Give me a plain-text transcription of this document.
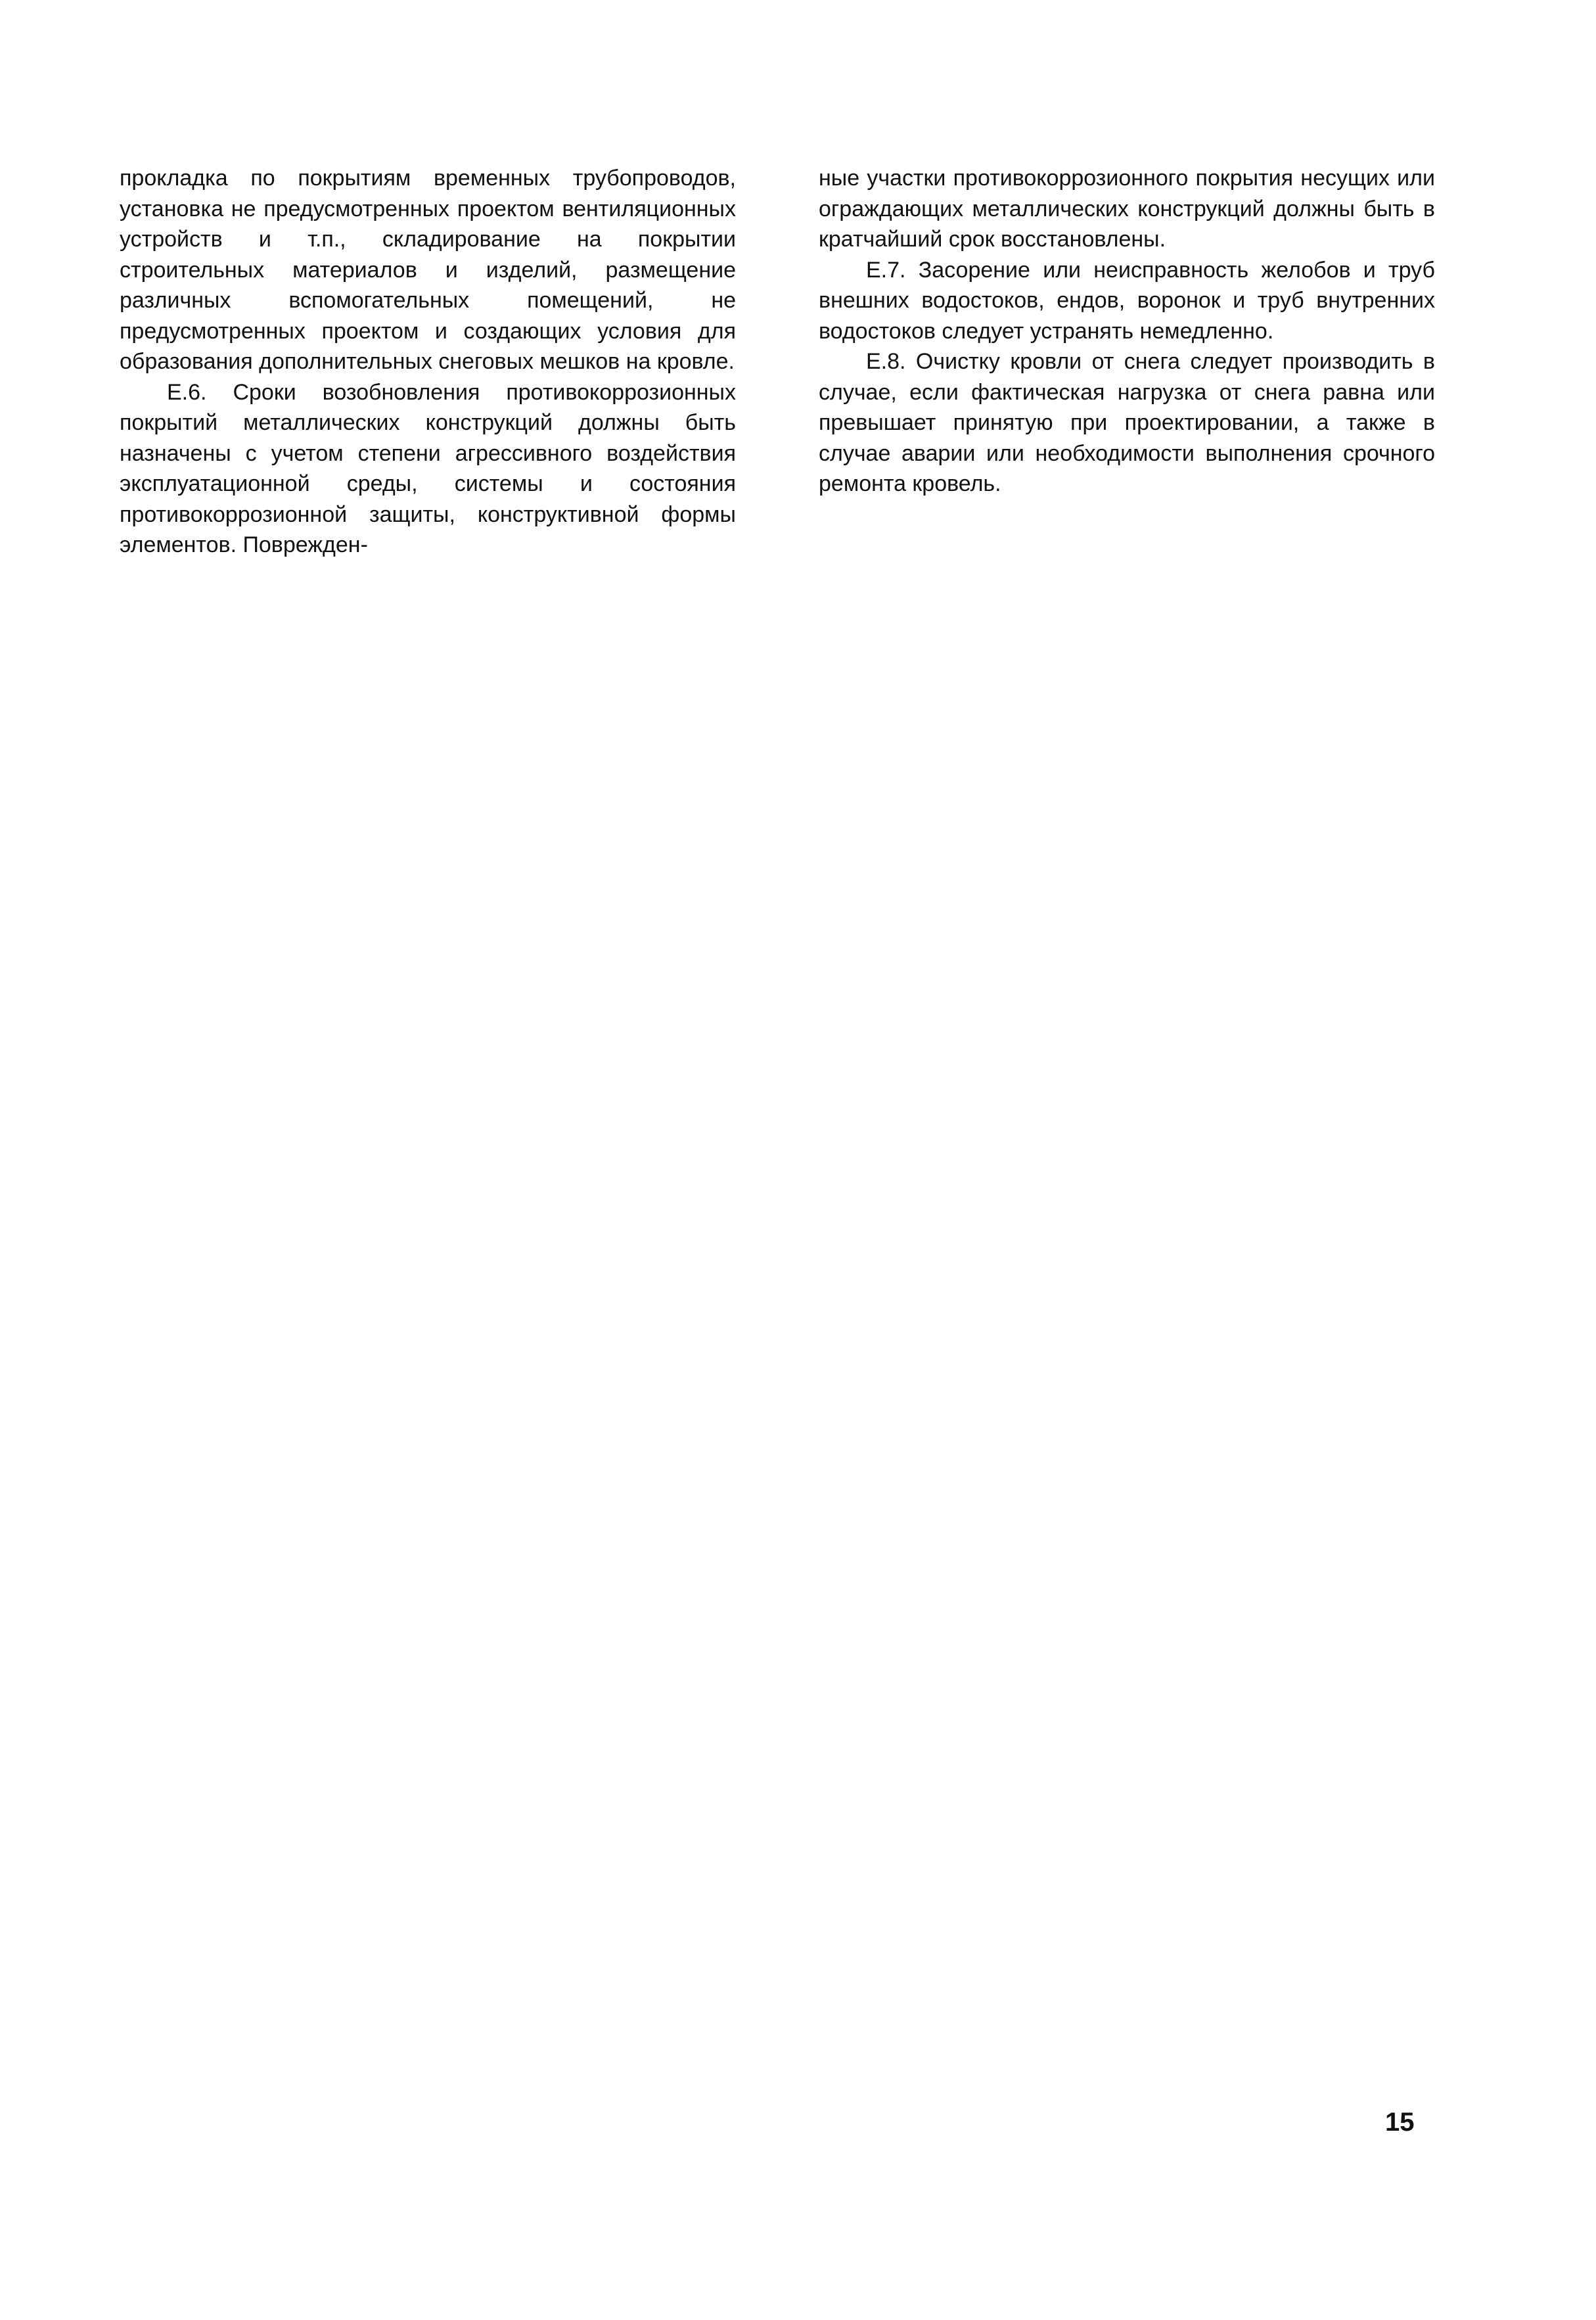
прокладка по покрытиям временных трубопроводов, установка не предусмотренных проектом вентиляционных устройств и т.п., складирование на покрытии строительных материалов и изделий, размещение различных вспомогательных помещений, не предусмотренных проектом и создающих условия для образования дополнительных снеговых мешков на кровле.

Е.6. Сроки возобновления противокоррозионных покрытий металлических конструкций должны быть назначены с учетом степени агрессивного воздействия эксплуатационной среды, системы и состояния противокоррозионной защиты, конструктивной формы элементов. Поврежден-

ные участки противокоррозионного покрытия несущих или ограждающих металлических конструкций должны быть в кратчайший срок восстановлены.

Е.7. Засорение или неисправность желобов и труб внешних водостоков, ендов, воронок и труб внутренних водостоков следует устранять немедленно.

Е.8. Очистку кровли от снега следует производить в случае, если фактическая нагрузка от снега равна или превышает принятую при проектировании, а также в случае аварии или необходимости выполнения срочного ремонта кровель.

15
